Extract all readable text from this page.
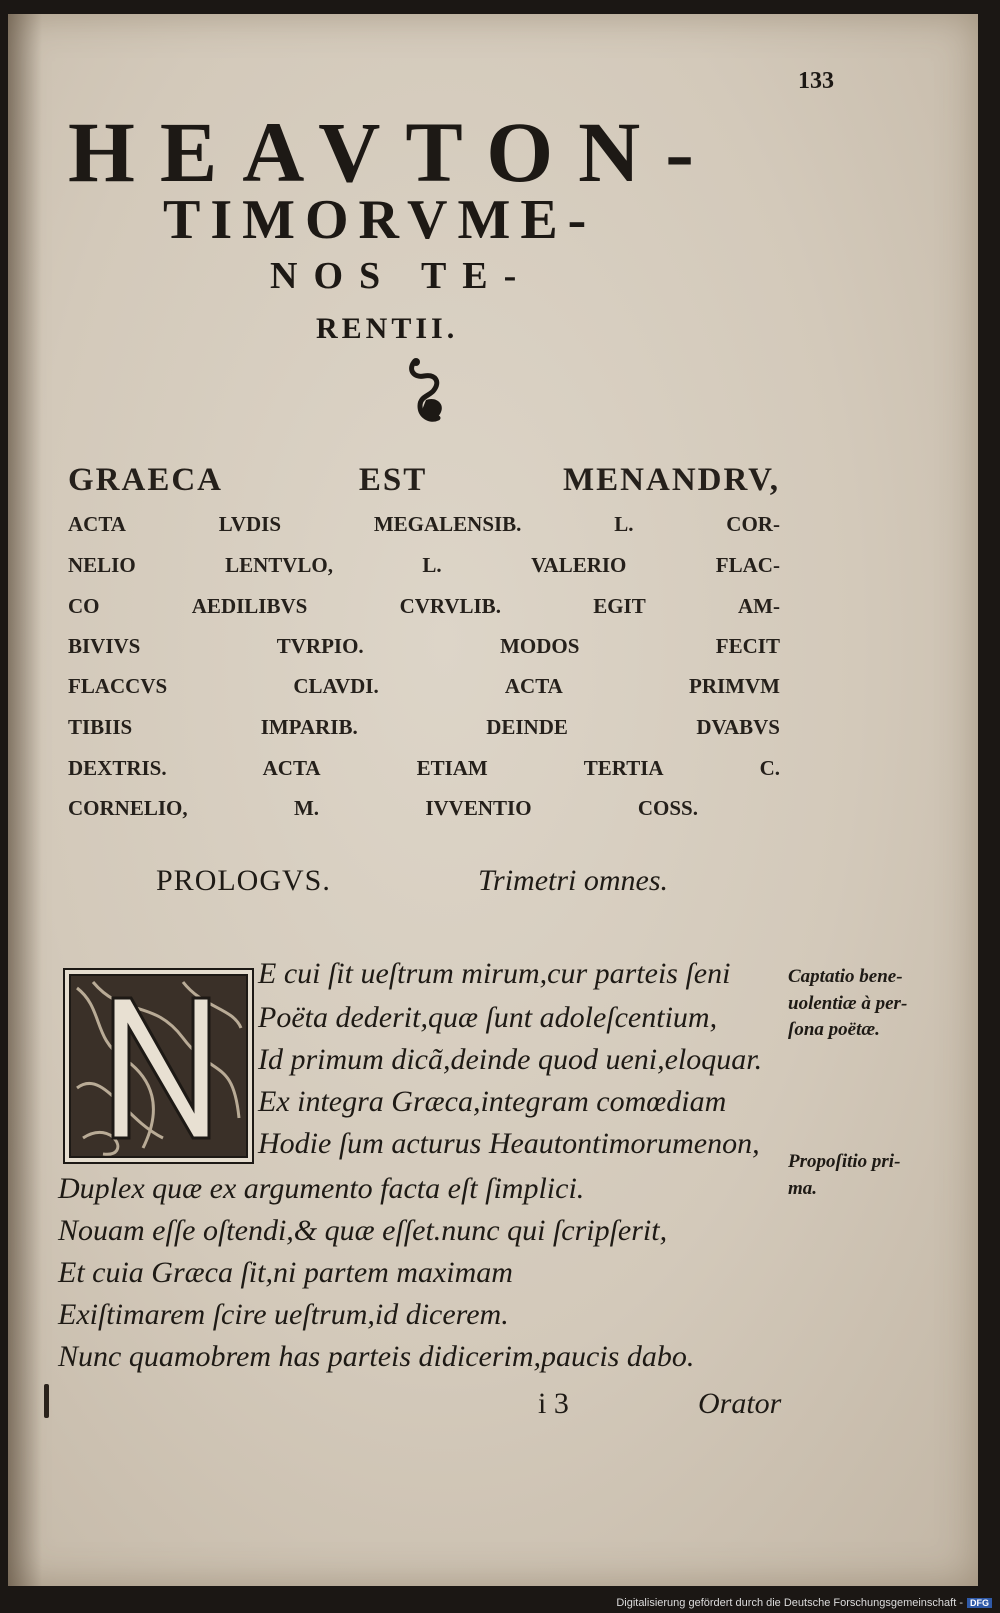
133
HEAVTON-
TIMORVME-
NOS TE-
RENTII.
GRAECA	EST	MENANDRV,
ACTA	LVDIS	MEGALENSIB.	L.	COR-
NELIO	LENTVLO,	L.	VALERIO	FLAC-
CO	AEDILIBVS	CVRVLIB.	EGIT	AM-
BIVIVS	TVRPIO.	MODOS	FECIT
FLACCVS	CLAVDI.	ACTA	PRIMVM
TIBIIS	IMPARIB.	DEINDE	DVABVS
DEXTRIS.	ACTA	ETIAM	TERTIA	C.
CORNELIO,	M.	IVVENTIO	COSS.
PROLOGVS.	Trimetri omnes.
E cui ſit ueſtrum mirum,cur parteis ſeni
Poëta dederit,quæ ſunt adoleſcentium,
Id primum dicã,deinde quod ueni,eloquar.
Ex integra Græca,integram comœdiam
Hodie ſum acturus Heautontimorumenon,
Duplex quæ ex argumento facta eſt ſimplici.
Nouam eſſe oſtendi,& quæ eſſet.nunc qui ſcripſerit,
Et cuia Græca ſit,ni partem maximam
Exiſtimarem ſcire ueſtrum,id dicerem.
Nunc quamobrem has parteis didicerim,paucis dabo.
Captatio bene-
uolentiæ à per-
ſona poëtæ.
Propoſitio pri-
ma.
i 3	Orator
Digitalisierung gefördert durch die Deutsche Forschungsgemeinschaft - DFG
